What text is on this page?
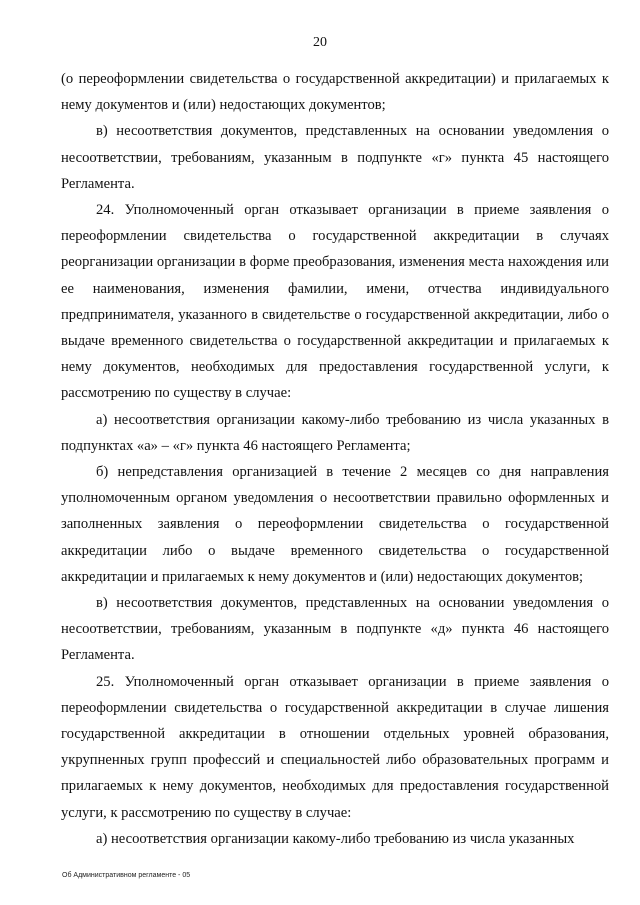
20

(о переоформлении свидетельства о государственной аккредитации) и прилагаемых к нему документов и (или) недостающих документов;

в) несоответствия документов, представленных на основании уведомления о несоответствии, требованиям, указанным в подпункте «г» пункта 45 настоящего Регламента.

24. Уполномоченный орган отказывает организации в приеме заявления о переоформлении свидетельства о государственной аккредитации в случаях реорганизации организации в форме преобразования, изменения места нахождения или ее наименования, изменения фамилии, имени, отчества индивидуального предпринимателя, указанного в свидетельстве о государственной аккредитации, либо о выдаче временного свидетельства о государственной аккредитации и прилагаемых к нему документов, необходимых для предоставления государственной услуги, к рассмотрению по существу в случае:

а) несоответствия организации какому-либо требованию из числа указанных в подпунктах «а» – «г» пункта 46 настоящего Регламента;

б) непредставления организацией в течение 2 месяцев со дня направления уполномоченным органом уведомления о несоответствии правильно оформленных и заполненных заявления о переоформлении свидетельства о государственной аккредитации либо о выдаче временного свидетельства о государственной аккредитации и прилагаемых к нему документов и (или) недостающих документов;

в) несоответствия документов, представленных на основании уведомления о несоответствии, требованиям, указанным в подпункте «д» пункта 46 настоящего Регламента.

25. Уполномоченный орган отказывает организации в приеме заявления о переоформлении свидетельства о государственной аккредитации в случае лишения государственной аккредитации в отношении отдельных уровней образования, укрупненных групп профессий и специальностей либо образовательных программ и прилагаемых к нему документов, необходимых для предоставления государственной услуги, к рассмотрению по существу в случае:

а) несоответствия организации какому-либо требованию из числа указанных

Об Административном регламенте - 05
